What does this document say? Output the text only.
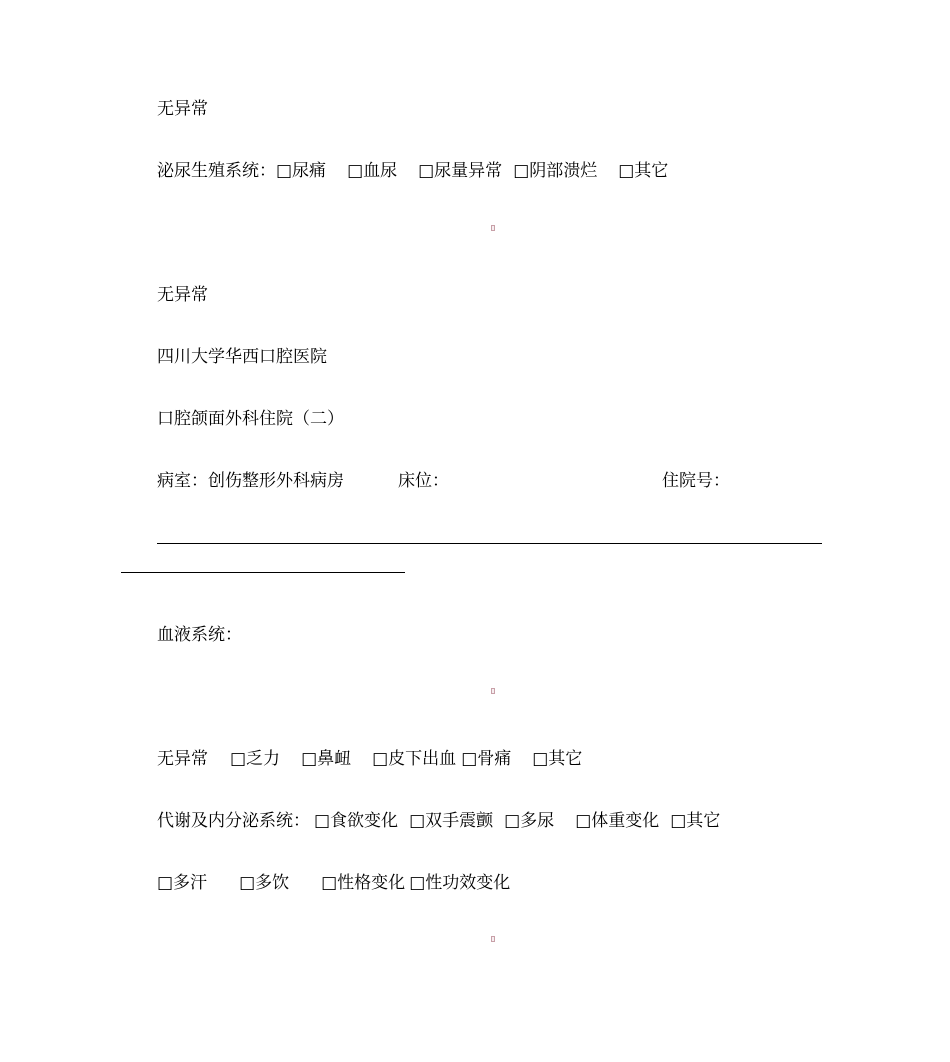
无异常
泌尿生殖系统：□尿痛 □血尿 □尿量异常 □阴部溃烂 □其它
无异常
四川大学华西口腔医院
口腔颌面外科住院（二）
病室：创伤整形外科病房	床位：	住院号：
血液系统：
无异常 □乏力 □鼻衄 □皮下出血 □骨痛 □其它
代谢及内分泌系统： □食欲变化 □双手震颤 □多尿 □体重变化 □其它
□多汗 □多饮 □性格变化 □性功效变化
